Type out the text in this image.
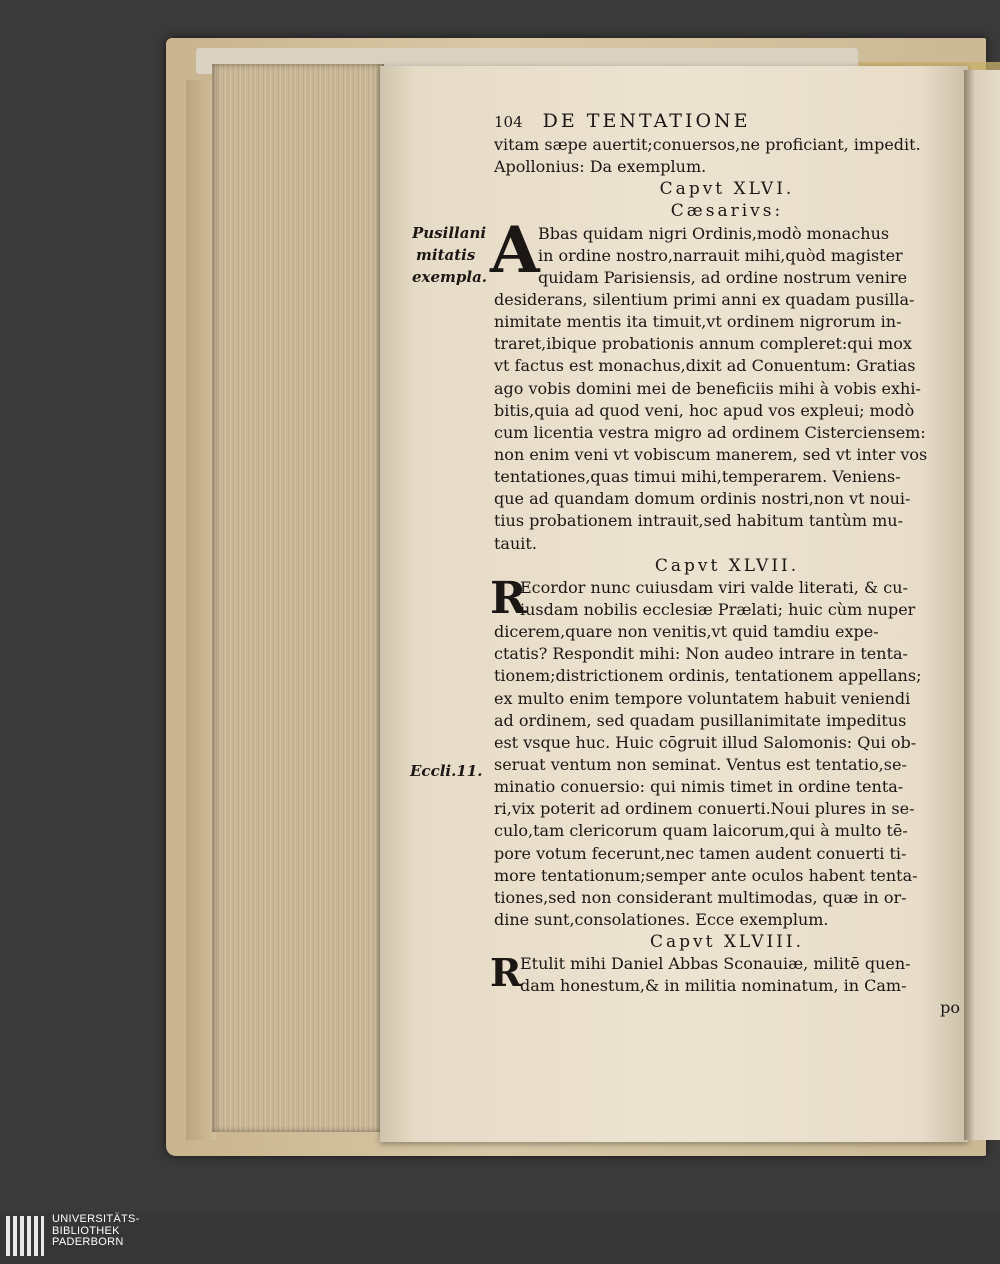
Pusillani
mitatis
exempla.
Eccli.11.
104 DE TENTATIONE
vitam sæpe auertit;conuersos,ne proficiant, impedit.
Apollonius: Da exemplum.
Capvt XLVI.
Cæsarivs:
A
Bbas quidam nigri Ordinis,modò monachus
in ordine nostro,narrauit mihi,quòd magister
quidam Parisiensis, ad ordine nostrum venire
desiderans, silentium primi anni ex quadam pusilla-
nimitate mentis ita timuit,vt ordinem nigrorum in-
traret,ibique probationis annum compleret:qui mox
vt factus est monachus,dixit ad Conuentum: Gratias
ago vobis domini mei de beneficiis mihi à vobis exhi-
bitis,quia ad quod veni, hoc apud vos expleui; modò
cum licentia vestra migro ad ordinem Cisterciensem:
non enim veni vt vobiscum manerem, sed vt inter vos
tentationes,quas timui mihi,temperarem. Veniens-
que ad quandam domum ordinis nostri,non vt noui-
tius probationem intrauit,sed habitum tantùm mu-
tauit.
Capvt XLVII.
R
Ecordor nunc cuiusdam viri valde literati, & cu-
iusdam nobilis ecclesiæ Prælati; huic cùm nuper
dicerem,quare non venitis,vt quid tamdiu expe-
ctatis? Respondit mihi: Non audeo intrare in tenta-
tionem;districtionem ordinis, tentationem appellans;
ex multo enim tempore voluntatem habuit veniendi
ad ordinem, sed quadam pusillanimitate impeditus
est vsque huc. Huic cōgruit illud Salomonis: Qui ob-
seruat ventum non seminat. Ventus est tentatio,se-
minatio conuersio: qui nimis timet in ordine tenta-
ri,vix poterit ad ordinem conuerti.Noui plures in se-
culo,tam clericorum quam laicorum,qui à multo tē-
pore votum fecerunt,nec tamen audent conuerti ti-
more tentationum;semper ante oculos habent tenta-
tiones,sed non considerant multimodas, quæ in or-
dine sunt,consolationes. Ecce exemplum.
Capvt XLVIII.
R
Etulit mihi Daniel Abbas Sconauiæ, militē quen-
dam honestum,& in militia nominatum, in Cam-
po
UNIVERSITÄTS-
BIBLIOTHEK
PADERBORN
